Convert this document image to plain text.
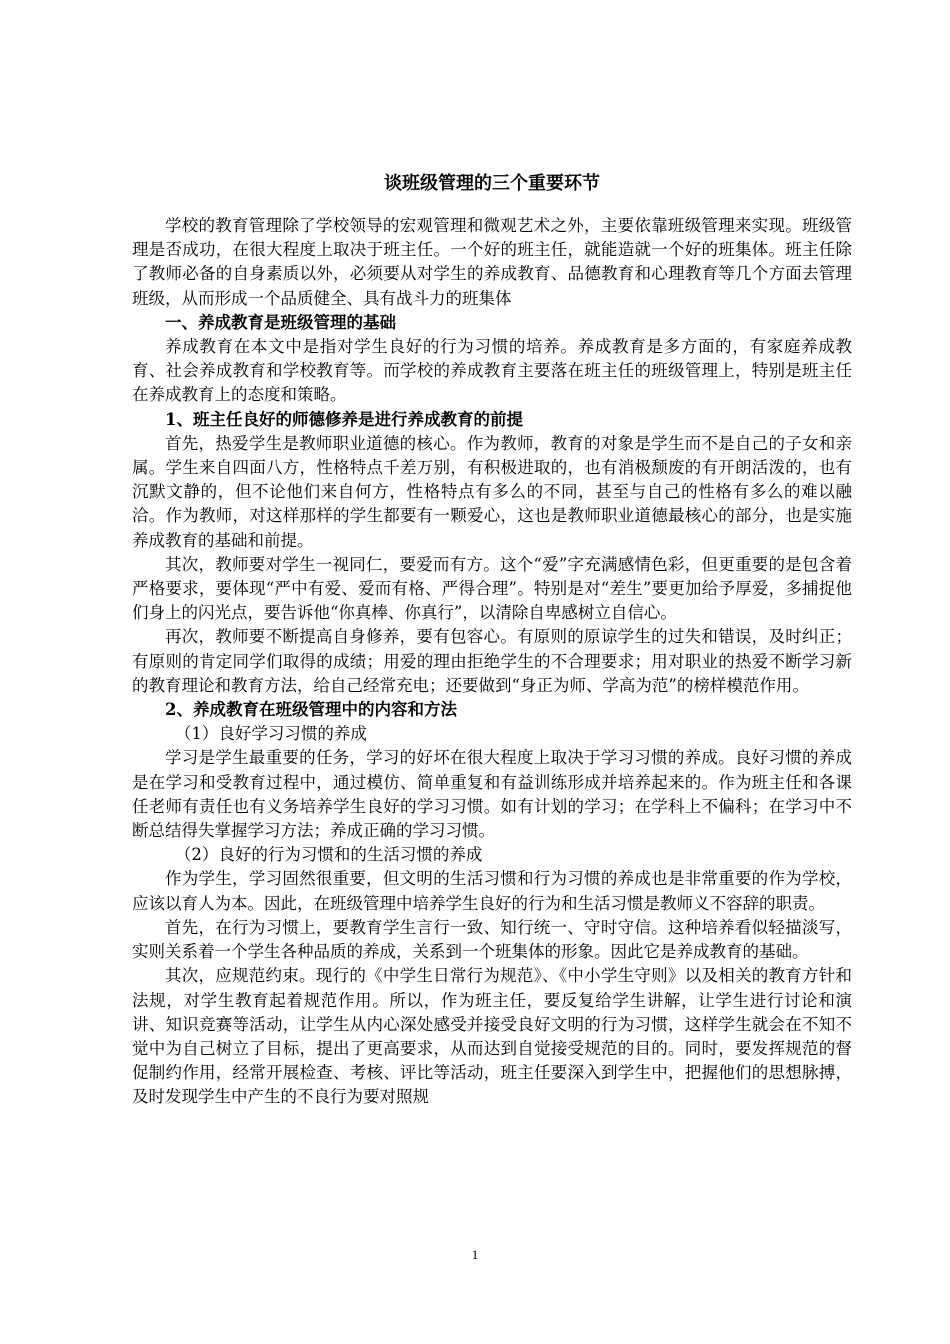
谈班级管理的三个重要环节

学校的教育管理除了学校领导的宏观管理和微观艺术之外，主要依靠班级管理来实现。班级管理是否成功，在很大程度上取决于班主任。一个好的班主任，就能造就一个好的班集体。班主任除了教师必备的自身素质以外，必须要从对学生的养成教育、品德教育和心理教育等几个方面去管理班级，从而形成一个品质健全、具有战斗力的班集体

一、养成教育是班级管理的基础

养成教育在本文中是指对学生良好的行为习惯的培养。养成教育是多方面的，有家庭养成教育、社会养成教育和学校教育等。而学校的养成教育主要落在班主任的班级管理上，特别是班主任在养成教育上的态度和策略。

1、班主任良好的师德修养是进行养成教育的前提

首先，热爱学生是教师职业道德的核心。作为教师，教育的对象是学生而不是自己的子女和亲属。学生来自四面八方，性格特点千差万别，有积极进取的，也有消极颓废的有开朗活泼的，也有沉默文静的，但不论他们来自何方，性格特点有多么的不同，甚至与自己的性格有多么的难以融洽。作为教师，对这样那样的学生都要有一颗爱心，这也是教师职业道德最核心的部分，也是实施养成教育的基础和前提。

其次，教师要对学生一视同仁，要爱而有方。这个“爱”字充满感情色彩，但更重要的是包含着严格要求，要体现“严中有爱、爱而有格、严得合理”。特别是对“差生”要更加给予厚爱，多捕捉他们身上的闪光点，要告诉他“你真棒、你真行”，以清除自卑感树立自信心。

再次，教师要不断提高自身修养，要有包容心。有原则的原谅学生的过失和错误，及时纠正；有原则的肯定同学们取得的成绩；用爱的理由拒绝学生的不合理要求；用对职业的热爱不断学习新的教育理论和教育方法，给自己经常充电；还要做到“身正为师、学高为范”的榜样模范作用。

2、养成教育在班级管理中的内容和方法

（1）良好学习习惯的养成

学习是学生最重要的任务，学习的好坏在很大程度上取决于学习习惯的养成。良好习惯的养成是在学习和受教育过程中，通过模仿、简单重复和有益训练形成并培养起来的。作为班主任和各课任老师有责任也有义务培养学生良好的学习习惯。如有计划的学习；在学科上不偏科；在学习中不断总结得失掌握学习方法；养成正确的学习习惯。

（2）良好的行为习惯和的生活习惯的养成

作为学生，学习固然很重要，但文明的生活习惯和行为习惯的养成也是非常重要的作为学校，应该以育人为本。因此，在班级管理中培养学生良好的行为和生活习惯是教师义不容辞的职责。

首先，在行为习惯上，要教育学生言行一致、知行统一、守时守信。这种培养看似轻描淡写，实则关系着一个学生各种品质的养成，关系到一个班集体的形象。因此它是养成教育的基础。

其次，应规范约束。现行的《中学生日常行为规范》、《中小学生守则》以及相关的教育方针和法规，对学生教育起着规范作用。所以，作为班主任，要反复给学生讲解，让学生进行讨论和演讲、知识竞赛等活动，让学生从内心深处感受并接受良好文明的行为习惯，这样学生就会在不知不觉中为自己树立了目标，提出了更高要求，从而达到自觉接受规范的目的。同时，要发挥规范的督促制约作用，经常开展检查、考核、评比等活动，班主任要深入到学生中，把握他们的思想脉搏，及时发现学生中产生的不良行为要对照规

1
